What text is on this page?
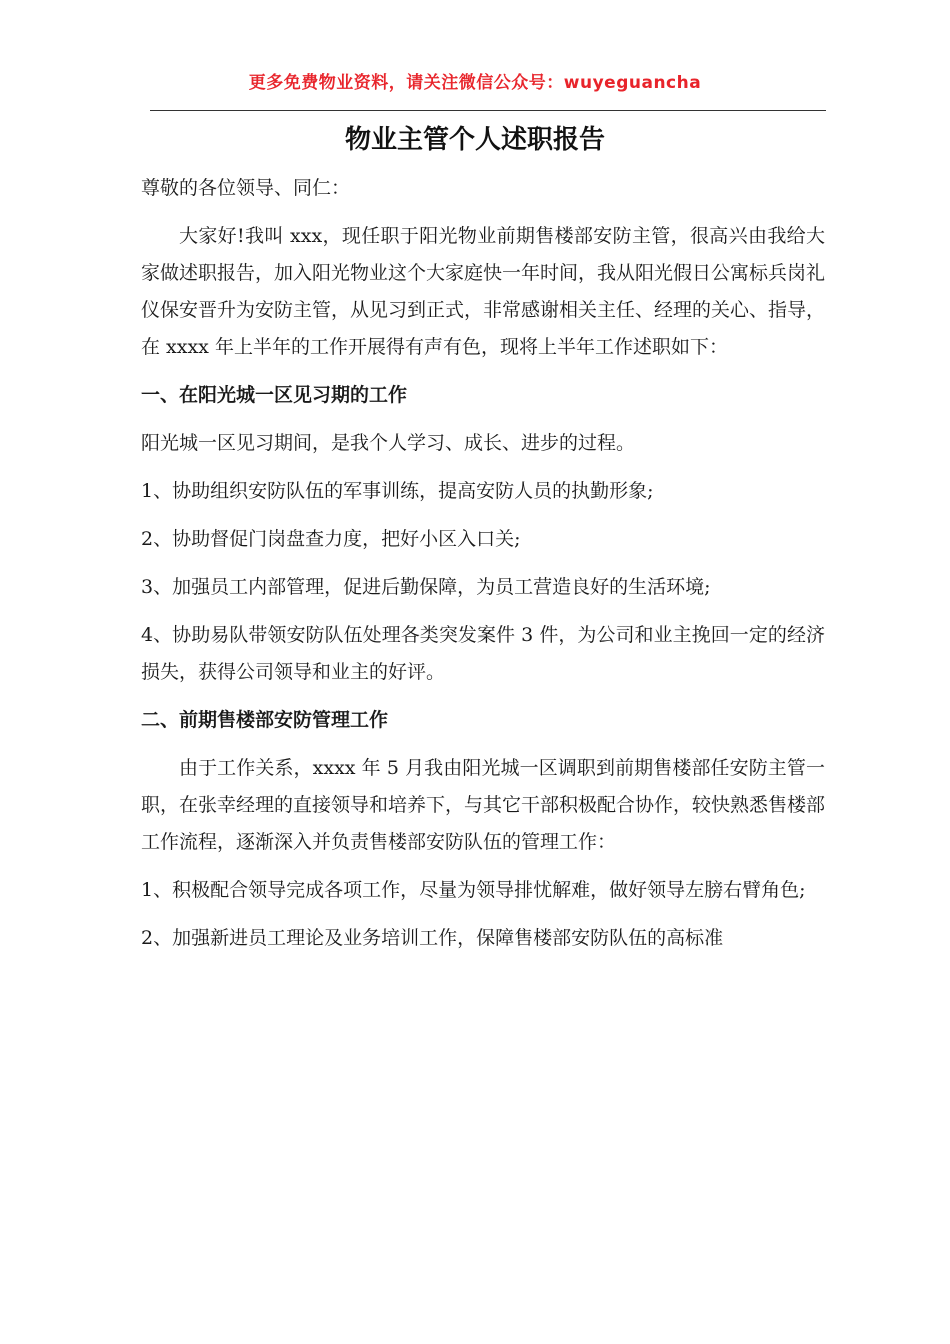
更多免费物业资料，请关注微信公众号：wuyeguancha
物业主管个人述职报告

尊敬的各位领导、同仁：

大家好!我叫 xxx，现任职于阳光物业前期售楼部安防主管，很高兴由我给大家做述职报告，加入阳光物业这个大家庭快一年时间，我从阳光假日公寓标兵岗礼仪保安晋升为安防主管，从见习到正式，非常感谢相关主任、经理的关心、指导，在 xxxx 年上半年的工作开展得有声有色，现将上半年工作述职如下：

一、在阳光城一区见习期的工作

阳光城一区见习期间，是我个人学习、成长、进步的过程。

1、协助组织安防队伍的军事训练，提高安防人员的执勤形象;

2、协助督促门岗盘查力度，把好小区入口关;

3、加强员工内部管理，促进后勤保障，为员工营造良好的生活环境;

4、协助易队带领安防队伍处理各类突发案件 3 件，为公司和业主挽回一定的经济损失，获得公司领导和业主的好评。

二、前期售楼部安防管理工作

由于工作关系，xxxx 年 5 月我由阳光城一区调职到前期售楼部任安防主管一职，在张幸经理的直接领导和培养下，与其它干部积极配合协作，较快熟悉售楼部工作流程，逐渐深入并负责售楼部安防队伍的管理工作：

1、积极配合领导完成各项工作，尽量为领导排忧解难，做好领导左膀右臂角色;

2、加强新进员工理论及业务培训工作，保障售楼部安防队伍的高标准
